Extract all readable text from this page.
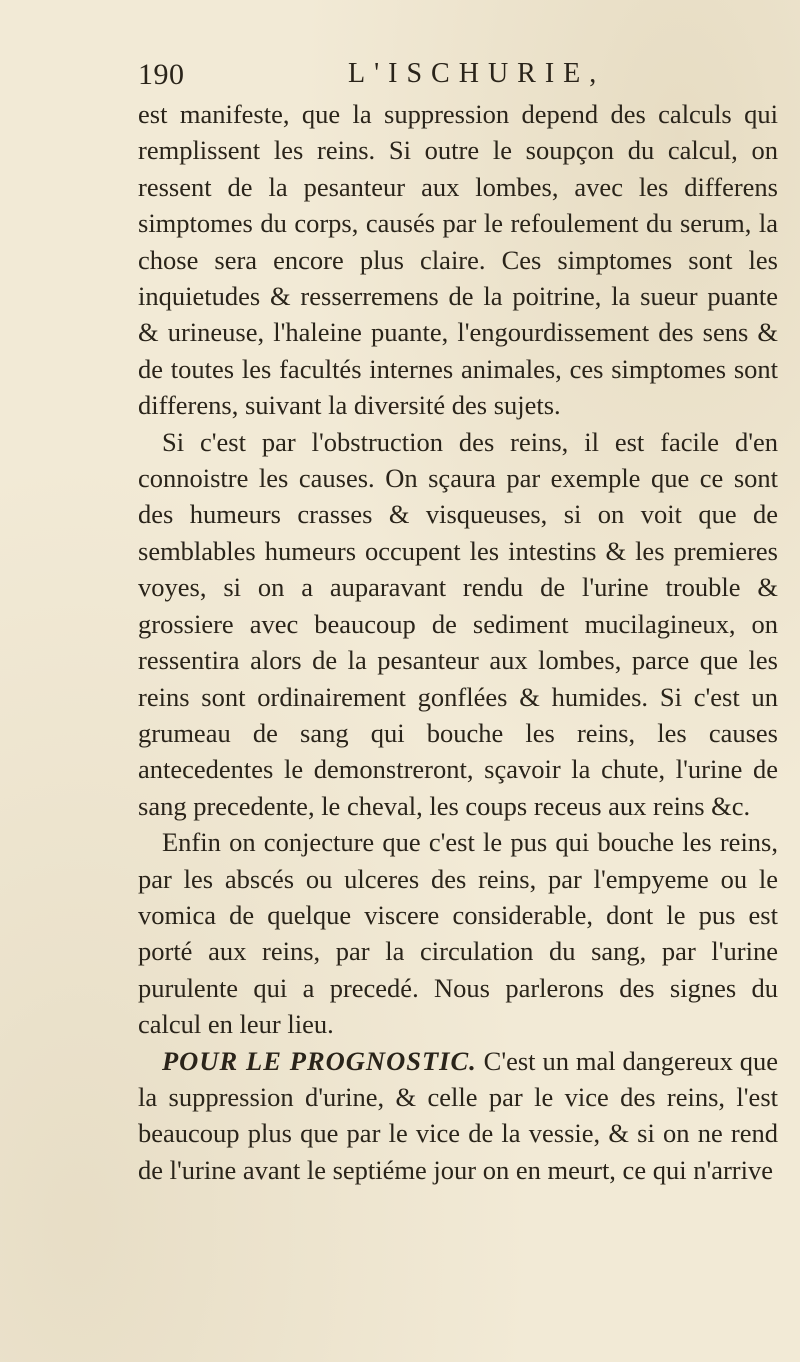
190	L'ISCHURIE,

est manifeste, que la suppression depend des calculs qui remplissent les reins. Si outre le soupçon du calcul, on ressent de la pesanteur aux lombes, avec les differens simptomes du corps, causés par le refoulement du serum, la chose sera encore plus claire. Ces simptomes sont les inquietudes & resserremens de la poitrine, la sueur puante & urineuse, l'haleine puante, l'engourdissement des sens & de toutes les facultés internes animales, ces simptomes sont differens, suivant la diversité des sujets.

Si c'est par l'obstruction des reins, il est facile d'en connoistre les causes. On sçaura par exemple que ce sont des humeurs crasses & visqueuses, si on voit que de semblables humeurs occupent les intestins & les premieres voyes, si on a auparavant rendu de l'urine trouble & grossiere avec beaucoup de sediment mucilagineux, on ressentira alors de la pesanteur aux lombes, parce que les reins sont ordinairement gonflées & humides. Si c'est un grumeau de sang qui bouche les reins, les causes antecedentes le demonstreront, sçavoir la chute, l'urine de sang precedente, le cheval, les coups receus aux reins &c.

Enfin on conjecture que c'est le pus qui bouche les reins, par les abscés ou ulceres des reins, par l'empyeme ou le vomica de quelque viscere considerable, dont le pus est porté aux reins, par la circulation du sang, par l'urine purulente qui a precedé. Nous parlerons des signes du calcul en leur lieu.

POUR LE PROGNOSTIC. C'est un mal dangereux que la suppression d'urine, & celle par le vice des reins, l'est beaucoup plus que par le vice de la vessie, & si on ne rend de l'urine avant le septiéme jour on en meurt, ce qui n'arrive
